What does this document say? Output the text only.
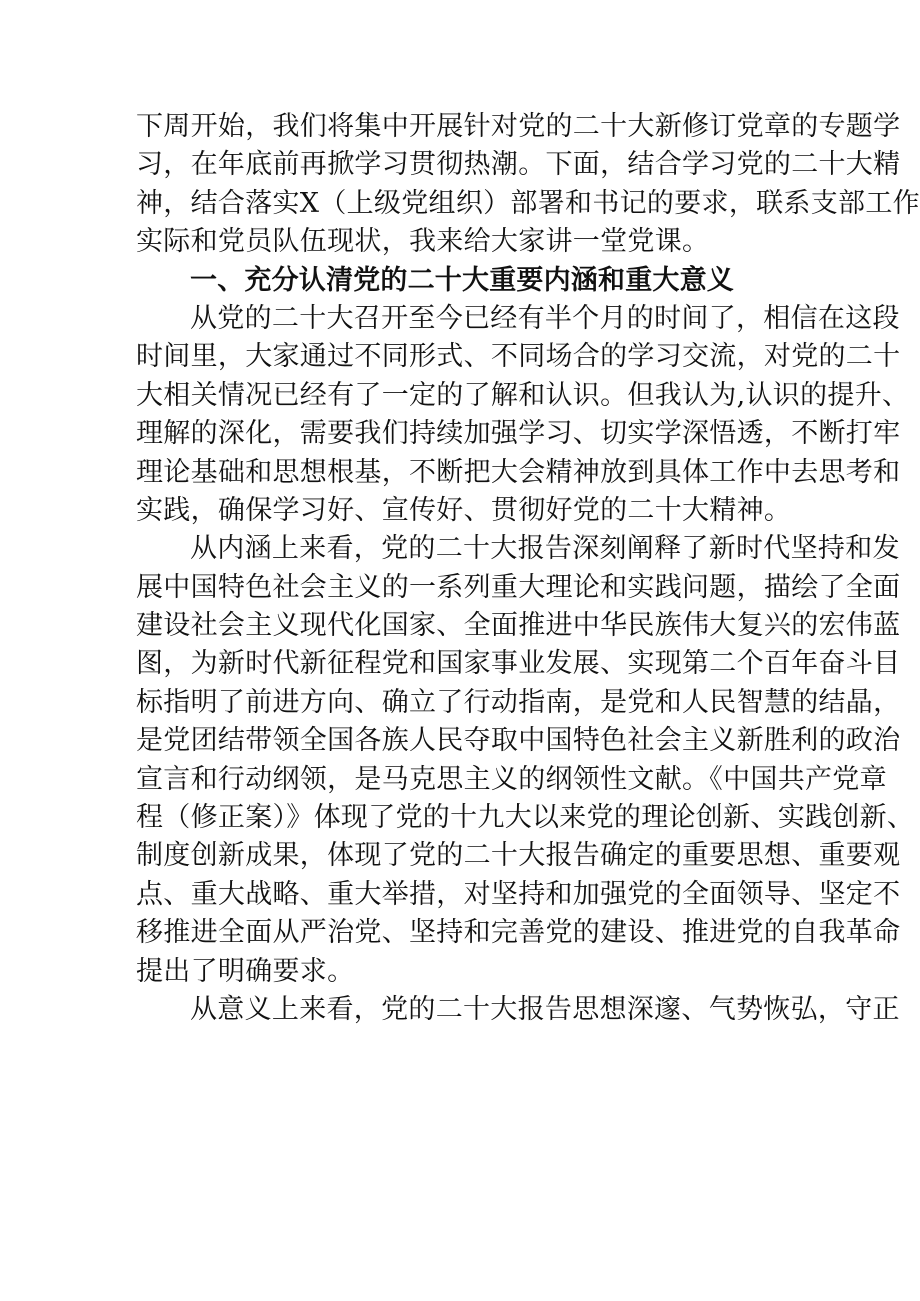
下周开始，我们将集中开展针对党的二十大新修订党章的专题学
习，在年底前再掀学习贯彻热潮。下面，结合学习党的二十大精
神，结合落实X（上级党组织）部署和书记的要求，联系支部工作
实际和党员队伍现状，我来给大家讲一堂党课。
一、充分认清党的二十大重要内涵和重大意义
从党的二十大召开至今已经有半个月的时间了，相信在这段
时间里，大家通过不同形式、不同场合的学习交流，对党的二十
大相关情况已经有了一定的了解和认识。但我认为,认识的提升、
理解的深化，需要我们持续加强学习、切实学深悟透，不断打牢
理论基础和思想根基，不断把大会精神放到具体工作中去思考和
实践，确保学习好、宣传好、贯彻好党的二十大精神。
从内涵上来看，党的二十大报告深刻阐释了新时代坚持和发
展中国特色社会主义的一系列重大理论和实践问题，描绘了全面
建设社会主义现代化国家、全面推进中华民族伟大复兴的宏伟蓝
图，为新时代新征程党和国家事业发展、实现第二个百年奋斗目
标指明了前进方向、确立了行动指南，是党和人民智慧的结晶，
是党团结带领全国各族人民夺取中国特色社会主义新胜利的政治
宣言和行动纲领，是马克思主义的纲领性文献。《中国共产党章
程（修正案）》体现了党的十九大以来党的理论创新、实践创新、
制度创新成果，体现了党的二十大报告确定的重要思想、重要观
点、重大战略、重大举措，对坚持和加强党的全面领导、坚定不
移推进全面从严治党、坚持和完善党的建设、推进党的自我革命
提出了明确要求。
从意义上来看，党的二十大报告思想深邃、气势恢弘，守正
